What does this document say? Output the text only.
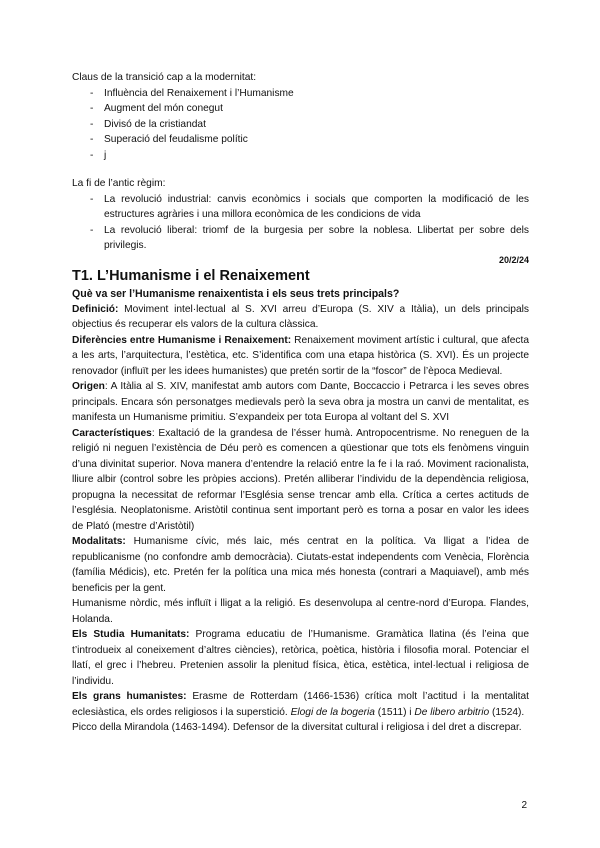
Claus de la transició cap a la modernitat:

- Influència del Renaixement i l’Humanisme
- Augment del món conegut
- Divisó de la cristiandat
- Superació del feudalisme polític
- j

La fi de l’antic règim:

- La revolució industrial: canvis econòmics i socials que comporten la modificació de les estructures agràries i una millora econòmica de les condicions de vida
- La revolució liberal: triomf de la burgesia per sobre la noblesa. Llibertat per sobre dels privilegis.
20/2/24
T1. L’Humanisme i el Renaixement

Què va ser l’Humanisme renaixentista i els seus trets principals?

Definició: Moviment intel·lectual al S. XVI arreu d’Europa (S. XIV a Itàlia), un dels principals objectius és recuperar els valors de la cultura clàssica.

Diferències entre Humanisme i Renaixement: Renaixement moviment artístic i cultural, que afecta a les arts, l’arquitectura, l’estètica, etc. S’identifica com una etapa històrica (S. XVI). És un projecte renovador (influït per les idees humanistes) que pretén sortir de la “foscor” de l’època Medieval.

Origen: A Itàlia al S. XIV, manifestat amb autors com Dante, Boccaccio i Petrarca i les seves obres principals. Encara són personatges medievals però la seva obra ja mostra un canvi de mentalitat, es manifesta un Humanisme primitiu. S’expandeix per tota Europa al voltant del S. XVI

Característiques: Exaltació de la grandesa de l’ésser humà. Antropocentrisme. No reneguen de la religió ni neguen l’existència de Déu però es comencen a qüestionar que tots els fenòmens vinguin d’una divinitat superior. Nova manera d’entendre la relació entre la fe i la raó. Moviment racionalista, lliure albir (control sobre les pròpies accions). Pretén alliberar l’individu de la dependència religiosa, propugna la necessitat de reformar l’Església sense trencar amb ella. Crítica a certes actituds de l’església. Neoplatonisme. Aristòtil continua sent important però es torna a posar en valor les idees de Plató (mestre d’Aristòtil)

Modalitats: Humanisme cívic, més laic, més centrat en la política. Va lligat a l’idea de republicanisme (no confondre amb democràcia). Ciutats-estat independents com Venècia, Florència (família Médicis), etc. Pretén fer la política una mica més honesta (contrari a Maquiavel), amb més beneficis per la gent.

Humanisme nòrdic, més influït i lligat a la religió. Es desenvolupa al centre-nord d’Europa. Flandes, Holanda.

Els Studia Humanitats: Programa educatiu de l’Humanisme. Gramàtica llatina (és l’eina que t’introdueix al coneixement d’altres ciències), retòrica, poètica, història i filosofia moral. Potenciar el llatí, el grec i l’hebreu. Pretenien assolir la plenitud física, ètica, estètica, intel·lectual i religiosa de l’individu.

Els grans humanistes: Erasme de Rotterdam (1466-1536) crítica molt l’actitud i la mentalitat eclesiàstica, els ordes religiosos i la superstició. Elogi de la bogeria (1511) i De libero arbitrio (1524).

Picco della Mirandola (1463-1494). Defensor de la diversitat cultural i religiosa i del dret a discrepar.

2
